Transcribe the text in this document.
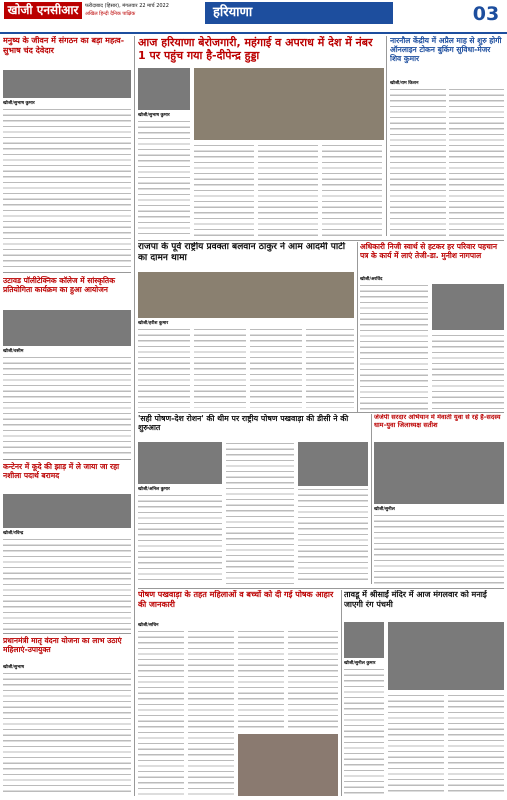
खोजी एनसीआर	फरीदाबाद (हिसार), मंगलवार 22 मार्च 2022
अखिल हिन्दी दैनिक पाक्षिक	हरियाणा	03
मनुष्य के जीवन में संगठन का बड़ा महत्व-सुभाष चंद देवेदार
खोजी/सुभाष कुमार
उटावड पॉलीटेक्निक कॉलेज में सांस्कृतिक प्रतियोगिता कार्यक्रम का हुआ आयोजन
खोजी/वसीम
कन्टेनर में कूदे की झाड़ में ले जाया जा रहा नशीला पदार्थ बरामद
खोजी/रविन्द्र
प्रधानमंत्री मातृ वंदना योजना का लाभ उठाएं महिलाएं-उपायुक्त
खोजी/सुभाष
आज हरियाणा बेरोजगारी, महंगाई व अपराध में देश में नंबर 1 पर पहुंच गया है-दीपेन्द्र हुड्डा
खोजी/सुभाष कुमार
नारनौल केंद्रीय में अप्रैल माह से शुरु होगी ऑनलाइन टोकन बुकिंग सुविधा-मेजर शिव कुमार
खोजी/राम किशन
राजपा के पूर्व राष्ट्रीय प्रवक्ता बलवान ठाकुर ने आम आदमी पार्टी का दामन थामा
खोजी/हरीश कुमार
अधिकारी निजी स्वार्थ से हटकर हर परिवार पहचान पत्र के कार्य में लाएं तेजी-डा. मुनीश नागपाल
खोजी/अरविंद
'सही पोषण-देश रोशन' की थीम पर राष्ट्रीय पोषण पखवाड़ा की डीसी ने की शुरुआत
खोजी/अनिल कुमार
जेजेपी सरदार अभियान में मेवाती युवा से रहे हैं-सदस्य धाम-युवा जिलाध्यक्ष सतीश
खोजी/सुनील
पोषण पखवाड़ा के तहत महिलाओं व बच्चों को दी गई पोषक आहार की जानकारी
खोजी/सचिन
तावडू में श्रीसाईं मंदिर में आज मंगलवार को मनाई जाएगी रंग पंचमी
खोजी/सुनील कुमार
